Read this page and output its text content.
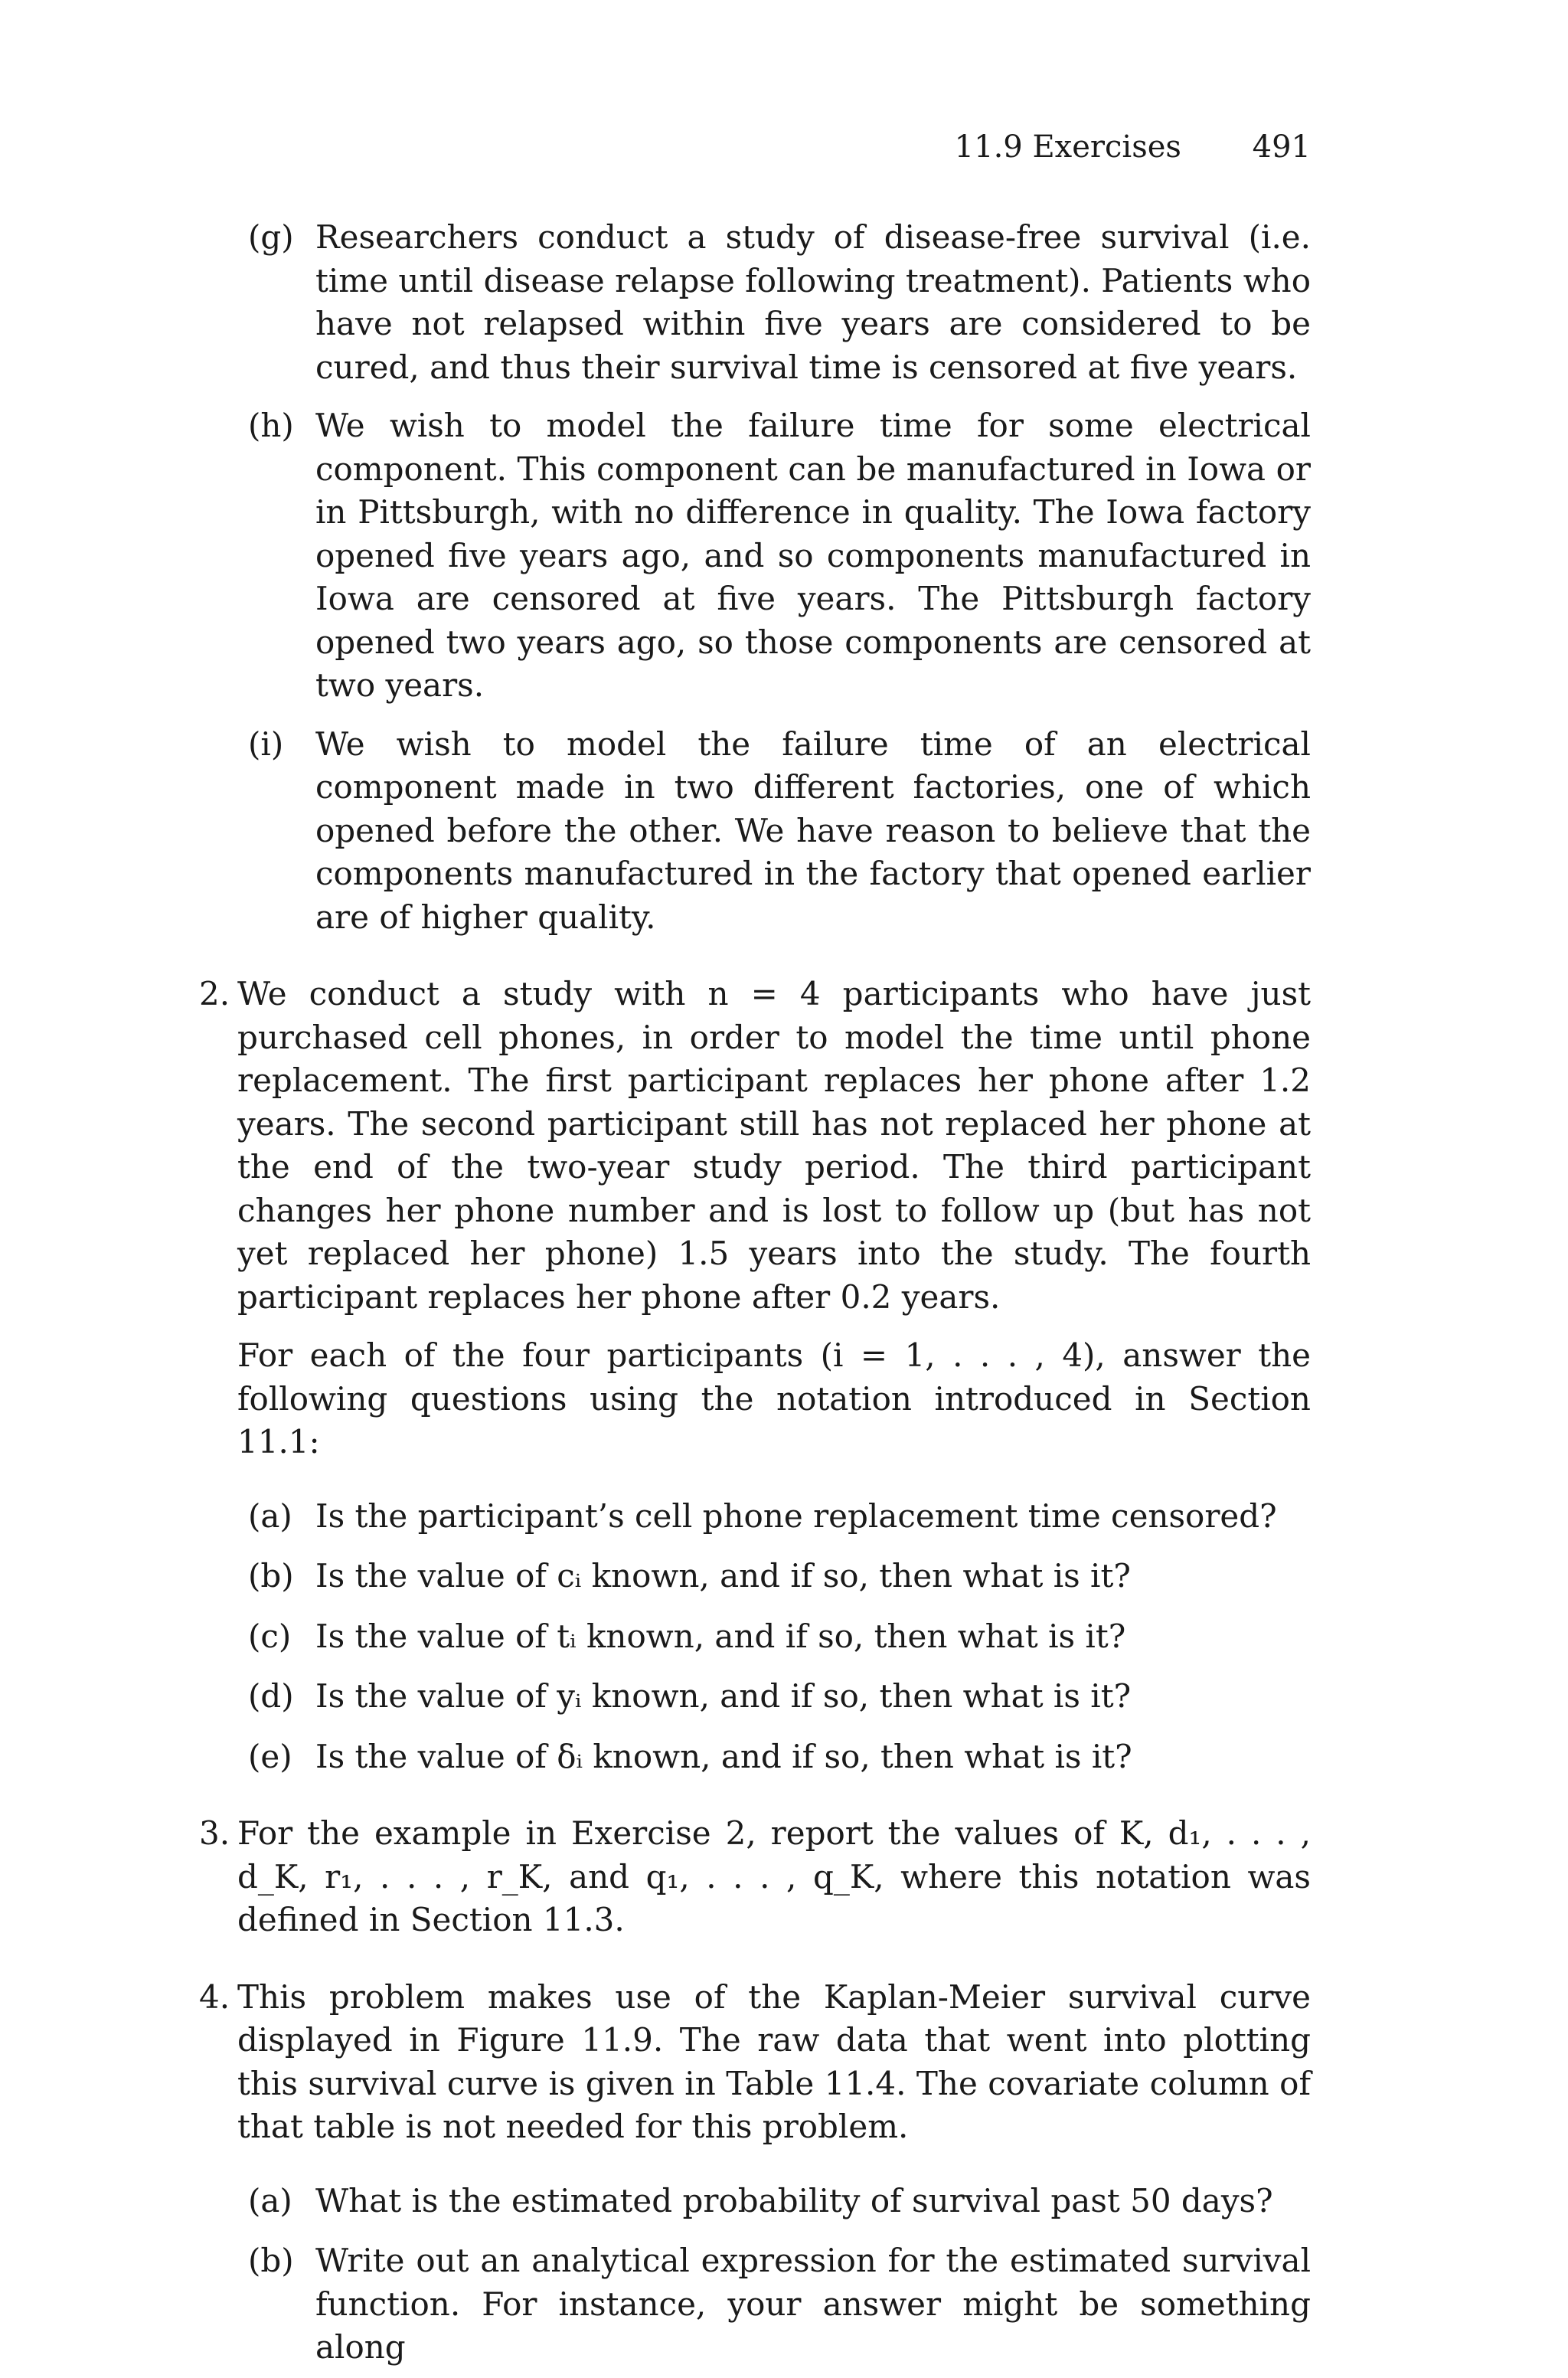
11.9 Exercises 491
(g) Researchers conduct a study of disease-free survival (i.e. time until disease relapse following treatment). Patients who have not relapsed within five years are considered to be cured, and thus their survival time is censored at five years.

(h) We wish to model the failure time for some electrical component. This component can be manufactured in Iowa or in Pittsburgh, with no difference in quality. The Iowa factory opened five years ago, and so components manufactured in Iowa are censored at five years. The Pittsburgh factory opened two years ago, so those components are censored at two years.

(i) We wish to model the failure time of an electrical component made in two different factories, one of which opened before the other. We have reason to believe that the components manufactured in the factory that opened earlier are of higher quality.

2. We conduct a study with n = 4 participants who have just purchased cell phones, in order to model the time until phone replacement. The first participant replaces her phone after 1.2 years. The second participant still has not replaced her phone at the end of the two-year study period. The third participant changes her phone number and is lost to follow up (but has not yet replaced her phone) 1.5 years into the study. The fourth participant replaces her phone after 0.2 years.

For each of the four participants (i = 1, . . . , 4), answer the following questions using the notation introduced in Section 11.1:

(a) Is the participant’s cell phone replacement time censored?

(b) Is the value of cᵢ known, and if so, then what is it?

(c) Is the value of tᵢ known, and if so, then what is it?

(d) Is the value of yᵢ known, and if so, then what is it?

(e) Is the value of δᵢ known, and if so, then what is it?

3. For the example in Exercise 2, report the values of K, d₁, . . . , d_K, r₁, . . . , r_K, and q₁, . . . , q_K, where this notation was defined in Section 11.3.

4. This problem makes use of the Kaplan-Meier survival curve displayed in Figure 11.9. The raw data that went into plotting this survival curve is given in Table 11.4. The covariate column of that table is not needed for this problem.

(a) What is the estimated probability of survival past 50 days?

(b) Write out an analytical expression for the estimated survival function. For instance, your answer might be something along
